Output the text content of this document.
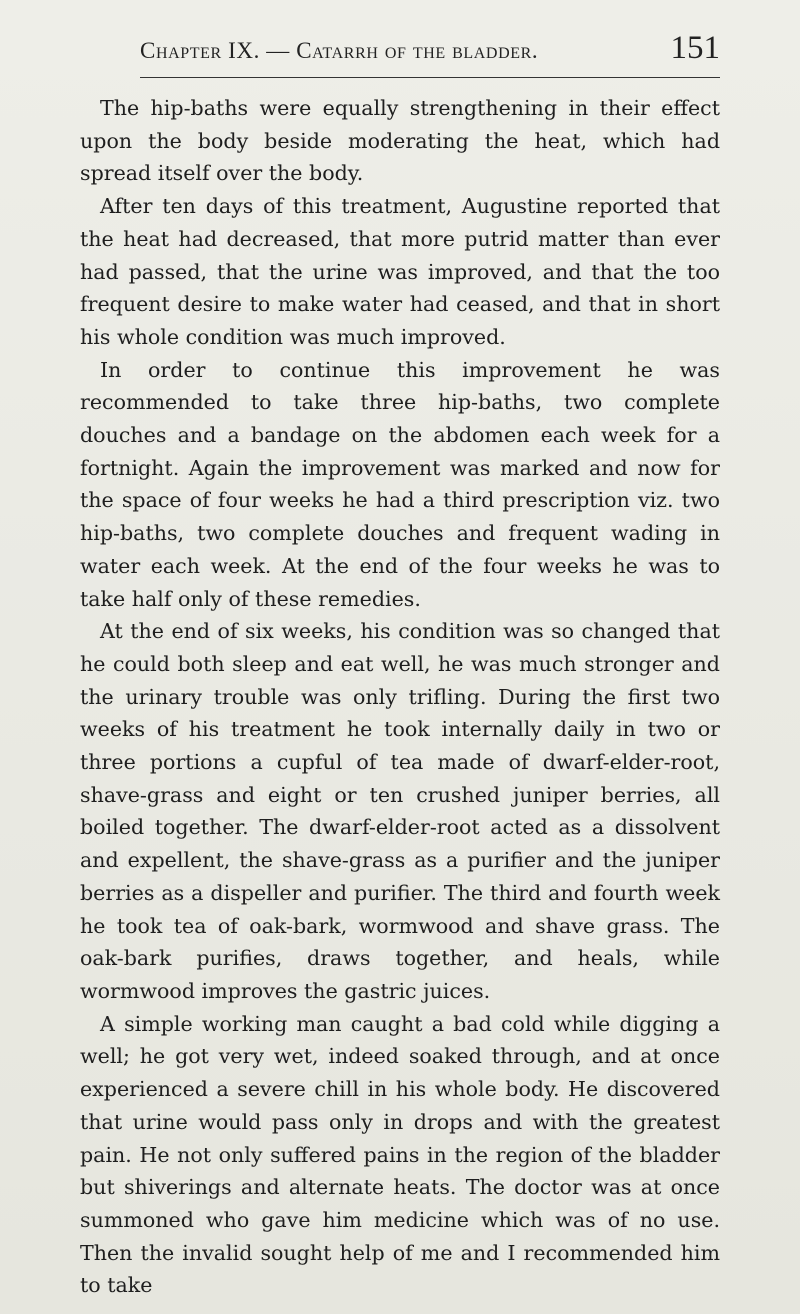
Chapter IX. — Catarrh of the bladder.	151

The hip-baths were equally strengthening in their effect upon the body beside moderating the heat, which had spread itself over the body.

After ten days of this treatment, Augustine reported that the heat had decreased, that more putrid matter than ever had passed, that the urine was improved, and that the too frequent desire to make water had ceased, and that in short his whole condition was much improved.

In order to continue this improvement he was recommended to take three hip-baths, two complete douches and a bandage on the abdomen each week for a fortnight. Again the improvement was marked and now for the space of four weeks he had a third prescription viz. two hip-baths, two complete douches and frequent wading in water each week. At the end of the four weeks he was to take half only of these remedies.

At the end of six weeks, his condition was so changed that he could both sleep and eat well, he was much stronger and the urinary trouble was only trifling. During the first two weeks of his treatment he took internally daily in two or three portions a cupful of tea made of dwarf-elder-root, shave-grass and eight or ten crushed juniper berries, all boiled together. The dwarf-elder-root acted as a dissolvent and expellent, the shave-grass as a purifier and the juniper berries as a dispeller and purifier. The third and fourth week he took tea of oak-bark, wormwood and shave grass. The oak-bark purifies, draws together, and heals, while wormwood improves the gastric juices.

A simple working man caught a bad cold while digging a well; he got very wet, indeed soaked through, and at once experienced a severe chill in his whole body. He discovered that urine would pass only in drops and with the greatest pain. He not only suffered pains in the region of the bladder but shiverings and alternate heats. The doctor was at once summoned who gave him medicine which was of no use. Then the invalid sought help of me and I recommended him to take
